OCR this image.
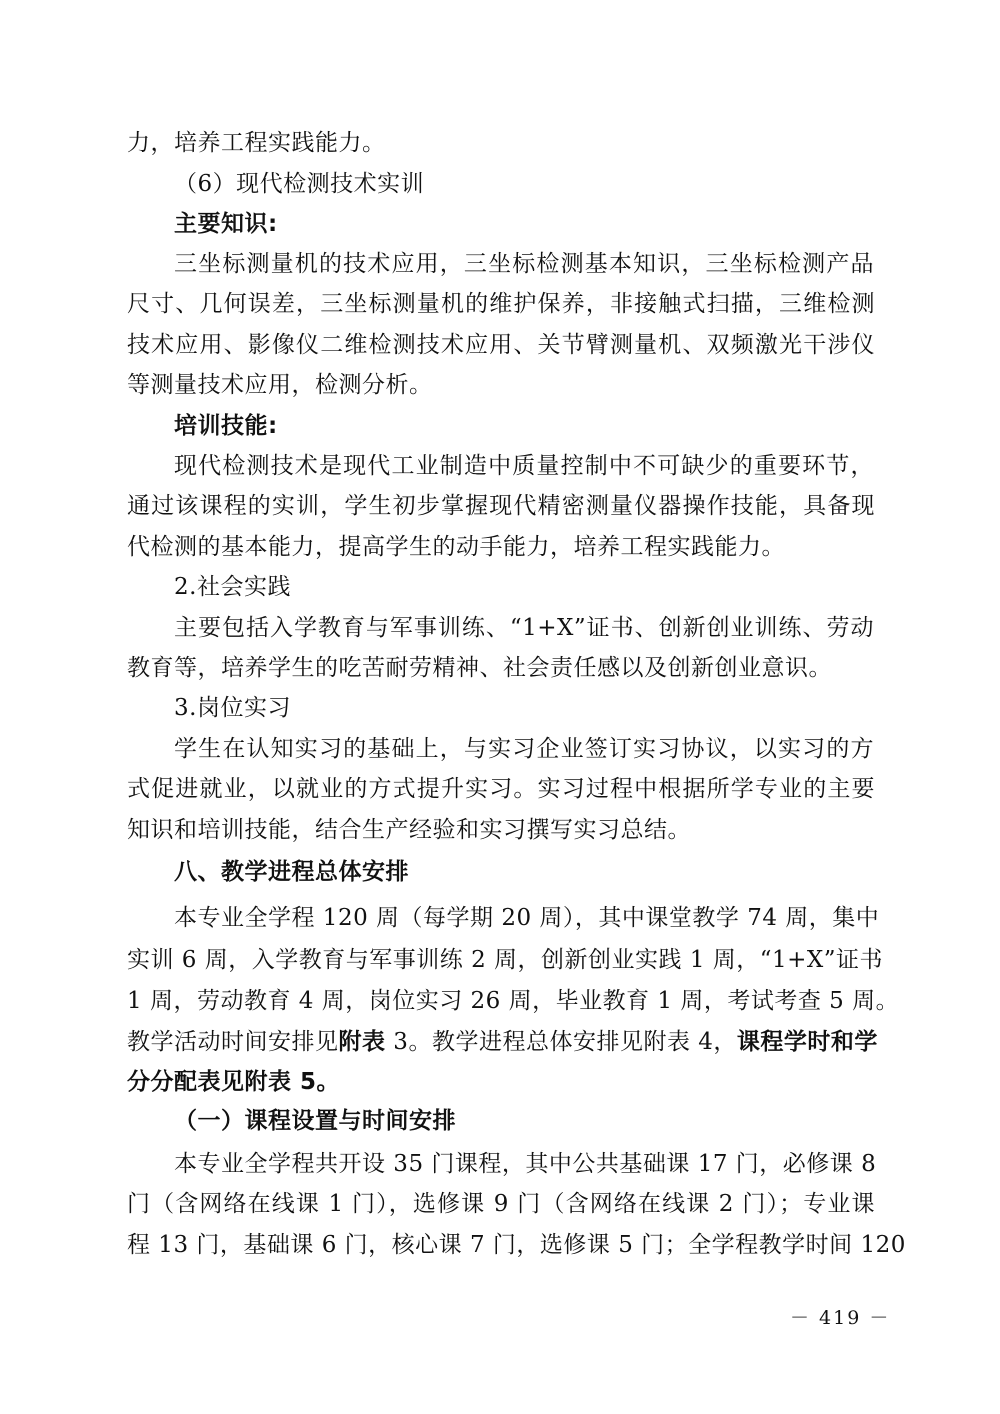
力，培养工程实践能力。
（6）现代检测技术实训
主要知识:
三坐标测量机的技术应用，三坐标检测基本知识，三坐标检测产品
尺寸、几何误差，三坐标测量机的维护保养，非接触式扫描，三维检测
技术应用、影像仪二维检测技术应用、关节臂测量机、双频激光干涉仪
等测量技术应用，检测分析。
培训技能:
现代检测技术是现代工业制造中质量控制中不可缺少的重要环节，
通过该课程的实训，学生初步掌握现代精密测量仪器操作技能，具备现
代检测的基本能力，提高学生的动手能力，培养工程实践能力。
2.社会实践
主要包括入学教育与军事训练、“1+X”证书、创新创业训练、劳动
教育等，培养学生的吃苦耐劳精神、社会责任感以及创新创业意识。
3.岗位实习
学生在认知实习的基础上，与实习企业签订实习协议，以实习的方
式促进就业，以就业的方式提升实习。实习过程中根据所学专业的主要
知识和培训技能，结合生产经验和实习撰写实习总结。
八、教学进程总体安排
本专业全学程 120 周（每学期 20 周），其中课堂教学 74 周，集中
实训 6 周，入学教育与军事训练 2 周，创新创业实践 1 周，“1+X”证书
1 周，劳动教育 4 周，岗位实习 26 周，毕业教育 1 周，考试考查 5 周。
教学活动时间安排见附表 3。教学进程总体安排见附表 4，课程学时和学
分分配表见附表 5。
（一）课程设置与时间安排
本专业全学程共开设 35 门课程，其中公共基础课 17 门，必修课 8
门（含网络在线课 1 门），选修课 9 门（含网络在线课 2 门）；专业课
程 13 门，基础课 6 门，核心课 7 门，选修课 5 门；全学程教学时间 120
－ 419 －
